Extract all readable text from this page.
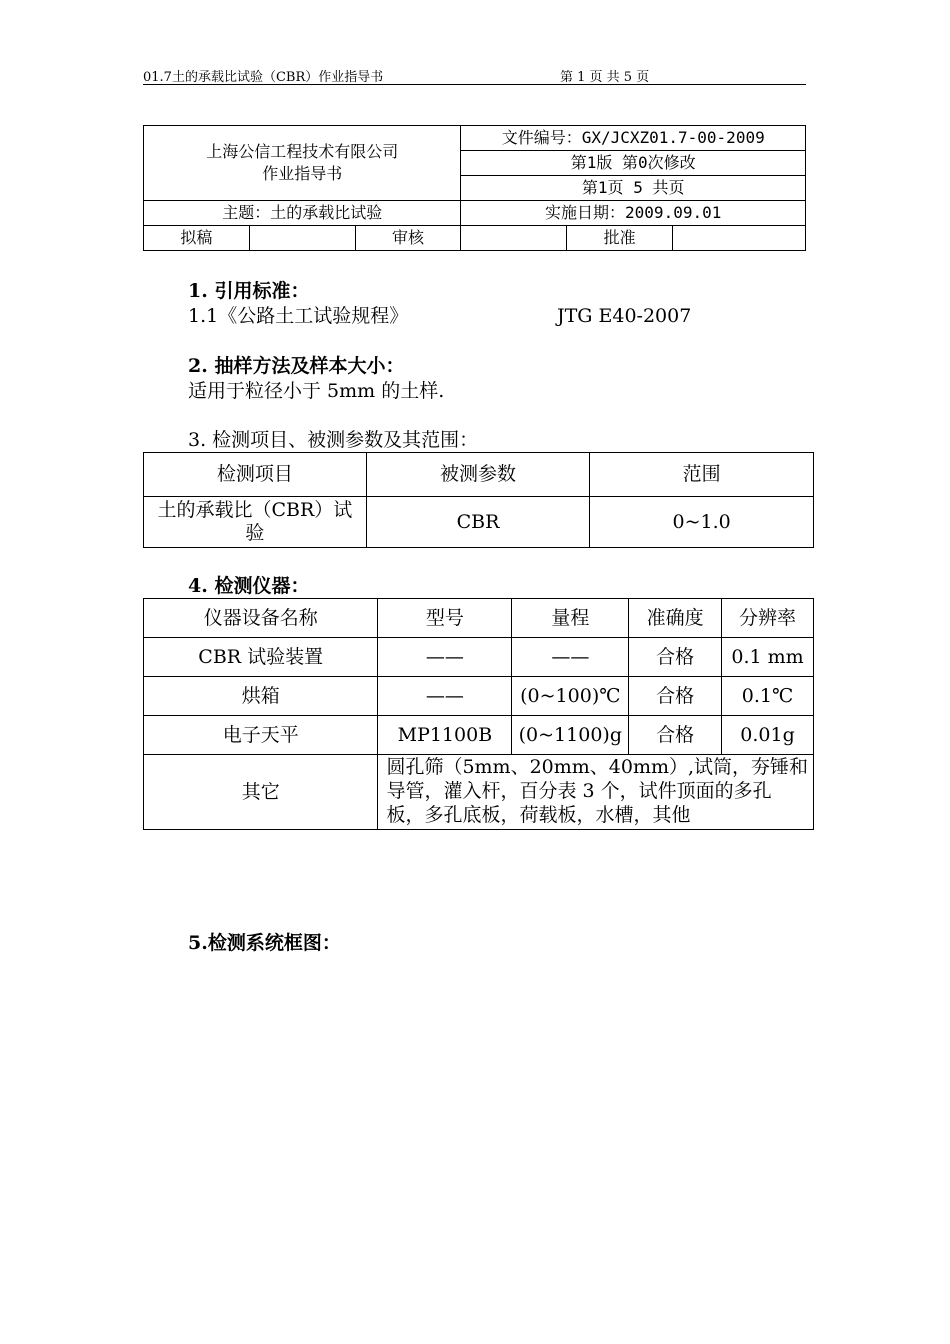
01.7土的承载比试验（CBR）作业指导书	第 1 页 共 5 页
上海公信工程技术有限公司
作业指导书			文件编号：GX/JCXZ01.7-00-2009		
			第1版 第0次修改		
			第1页 5 共页		
主题：土的承载比试验			实施日期：2009.09.01		
拟稿		审核		批准	
1. 引用标准：
1.1《公路土工试验规程》	JTG E40-2007
2. 抽样方法及样本大小：
适用于粒径小于 5mm 的土样.
3. 检测项目、被测参数及其范围：
检测项目	被测参数	范围
土的承载比（CBR）试验	CBR	0~1.0
4. 检测仪器：
仪器设备名称	型号	量程	准确度	分辨率
CBR 试验装置	——	——	合格	0.1 mm
烘箱	——	(0~100)℃	合格	0.1℃
电子天平	MP1100B	(0~1100)g	合格	0.01g
其它	圆孔筛（5mm、20mm、40mm）,试筒，夯锤和导管，灌入杆，百分表 3 个，试件顶面的多孔板，多孔底板，荷载板，水槽，其他			
5.检测系统框图：
